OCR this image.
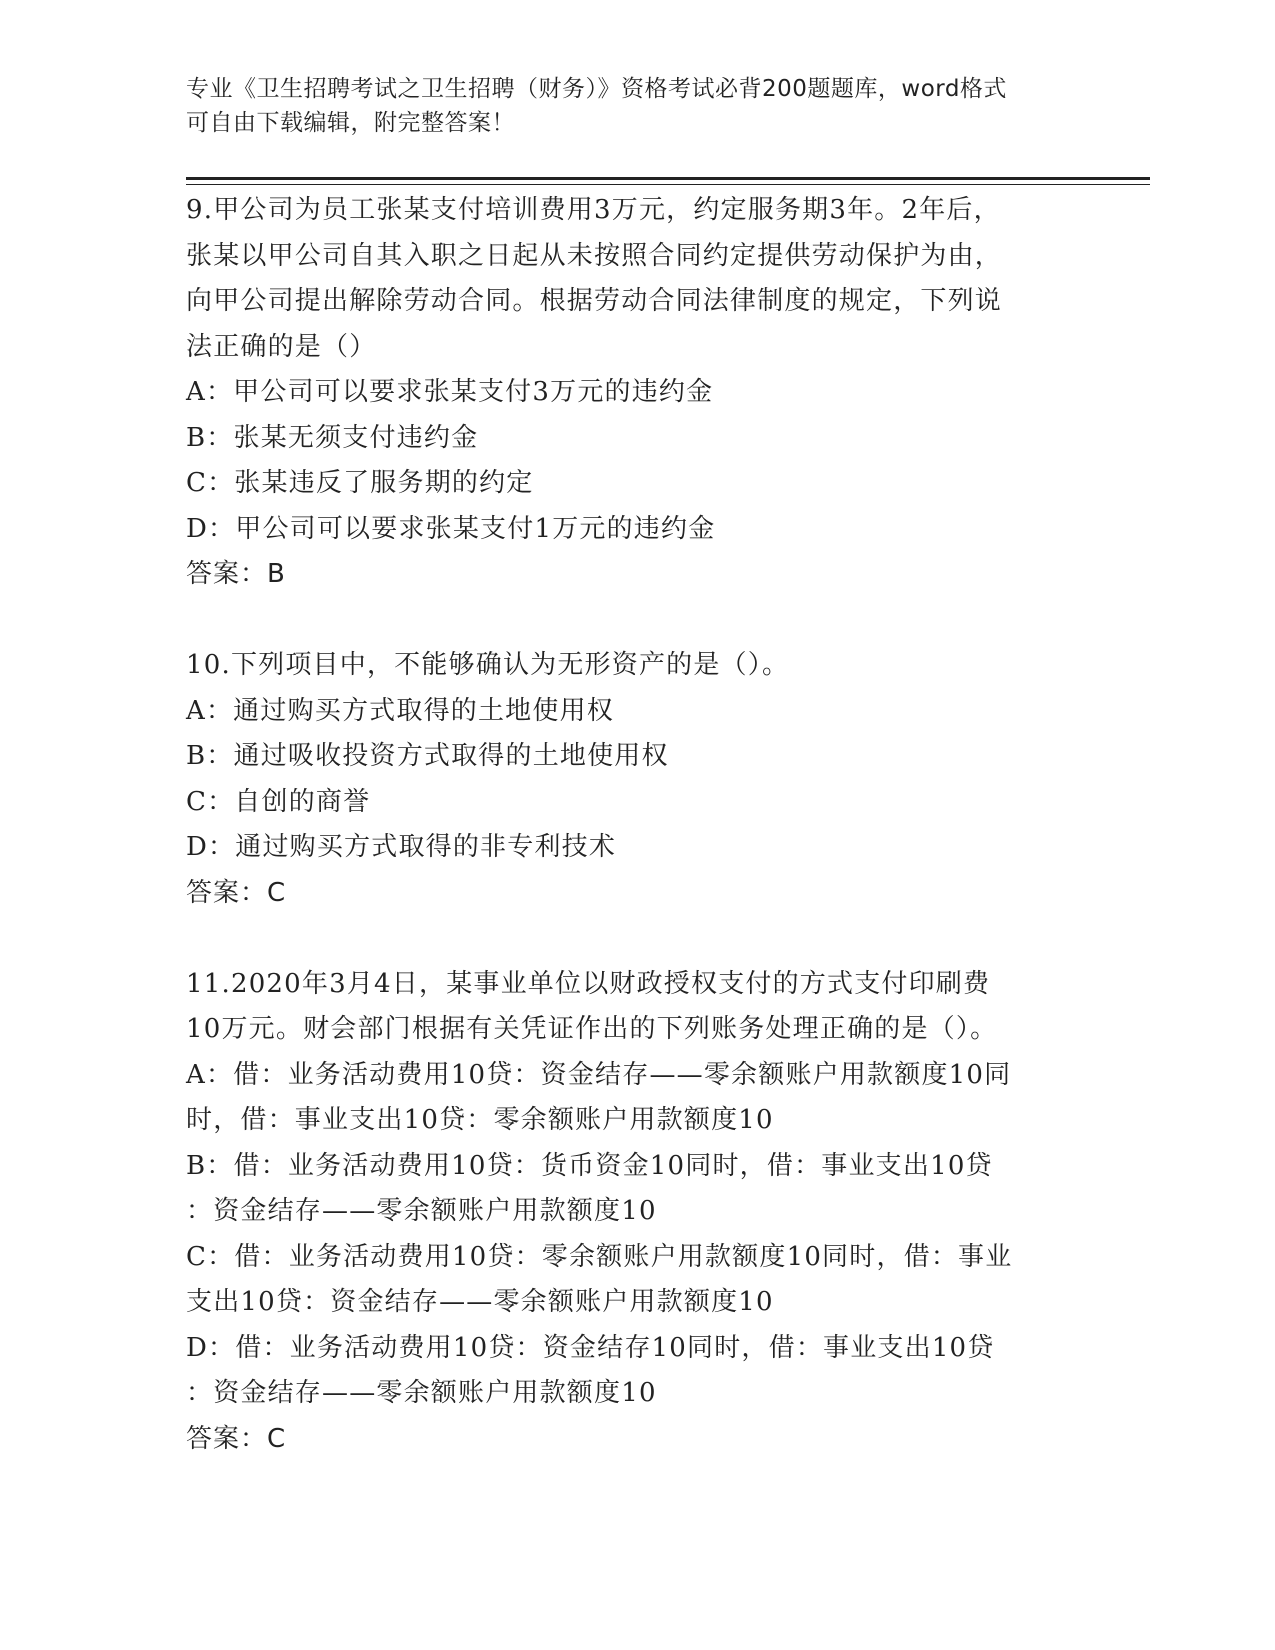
专业《卫生招聘考试之卫生招聘（财务）》资格考试必背200题题库，word格式
可自由下载编辑，附完整答案！
9.甲公司为员工张某支付培训费用3万元，约定服务期3年。2年后，
张某以甲公司自其入职之日起从未按照合同约定提供劳动保护为由，
向甲公司提出解除劳动合同。根据劳动合同法律制度的规定，下列说
法正确的是（）
A：甲公司可以要求张某支付3万元的违约金
B：张某无须支付违约金
C：张某违反了服务期的约定
D：甲公司可以要求张某支付1万元的违约金
答案：B
10.下列项目中，不能够确认为无形资产的是（）。
A：通过购买方式取得的土地使用权
B：通过吸收投资方式取得的土地使用权
C：自创的商誉
D：通过购买方式取得的非专利技术
答案：C
11.2020年3月4日，某事业单位以财政授权支付的方式支付印刷费
10万元。财会部门根据有关凭证作出的下列账务处理正确的是（）。
A：借：业务活动费用10贷：资金结存——零余额账户用款额度10同
时，借：事业支出10贷：零余额账户用款额度10
B：借：业务活动费用10贷：货币资金10同时，借：事业支出10贷
：资金结存——零余额账户用款额度10
C：借：业务活动费用10贷：零余额账户用款额度10同时，借：事业
支出10贷：资金结存——零余额账户用款额度10
D：借：业务活动费用10贷：资金结存10同时，借：事业支出10贷
：资金结存——零余额账户用款额度10
答案：C
